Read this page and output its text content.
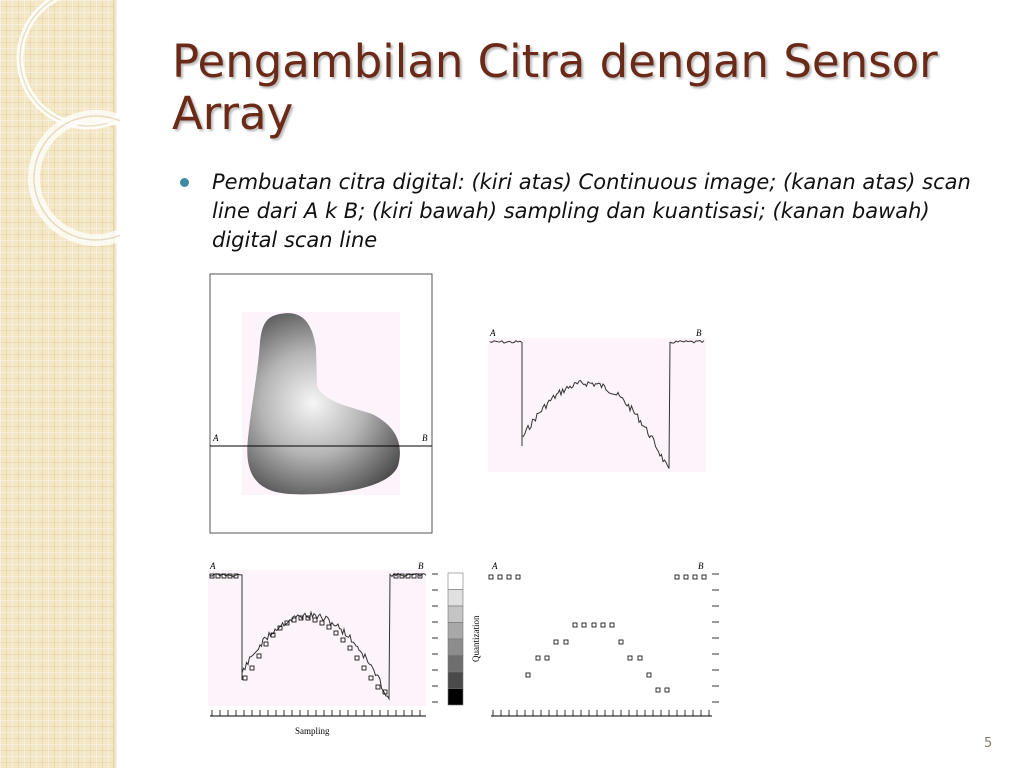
Pengambilan Citra dengan Sensor Array
Pembuatan citra digital: (kiri atas) Continuous image; (kanan atas) scan line dari A k B; (kiri bawah) sampling dan kuantisasi; (kanan bawah) digital scan line
A	B
A	B
A	B
Sampling
Quantization
A	B
5
